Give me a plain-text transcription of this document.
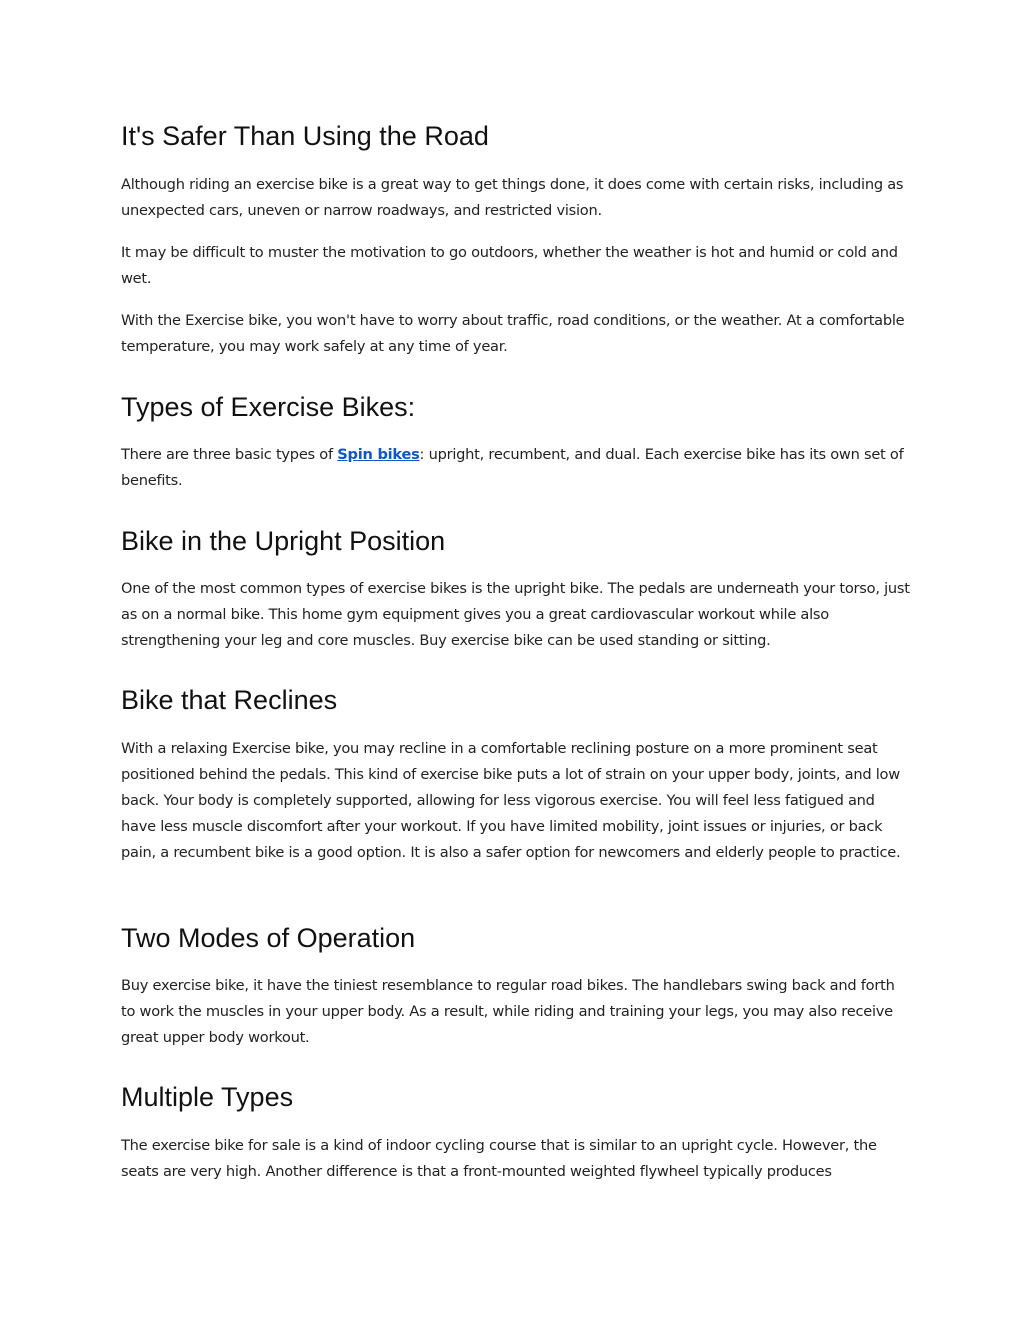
It's Safer Than Using the Road

Although riding an exercise bike is a great way to get things done, it does come with certain risks, including as unexpected cars, uneven or narrow roadways, and restricted vision.

It may be difficult to muster the motivation to go outdoors, whether the weather is hot and humid or cold and wet.

With the Exercise bike, you won't have to worry about traffic, road conditions, or the weather. At a comfortable temperature, you may work safely at any time of year.

Types of Exercise Bikes:

There are three basic types of Spin bikes: upright, recumbent, and dual. Each exercise bike has its own set of benefits.

Bike in the Upright Position

One of the most common types of exercise bikes is the upright bike. The pedals are underneath your torso, just as on a normal bike. This home gym equipment gives you a great cardiovascular workout while also strengthening your leg and core muscles. Buy exercise bike can be used standing or sitting.

Bike that Reclines

With a relaxing Exercise bike, you may recline in a comfortable reclining posture on a more prominent seat positioned behind the pedals. This kind of exercise bike puts a lot of strain on your upper body, joints, and low back. Your body is completely supported, allowing for less vigorous exercise. You will feel less fatigued and have less muscle discomfort after your workout. If you have limited mobility, joint issues or injuries, or back pain, a recumbent bike is a good option. It is also a safer option for newcomers and elderly people to practice.

Two Modes of Operation

Buy exercise bike, it have the tiniest resemblance to regular road bikes. The handlebars swing back and forth to work the muscles in your upper body. As a result, while riding and training your legs, you may also receive great upper body workout.

Multiple Types

The exercise bike for sale is a kind of indoor cycling course that is similar to an upright cycle. However, the seats are very high. Another difference is that a front-mounted weighted flywheel typically produces
